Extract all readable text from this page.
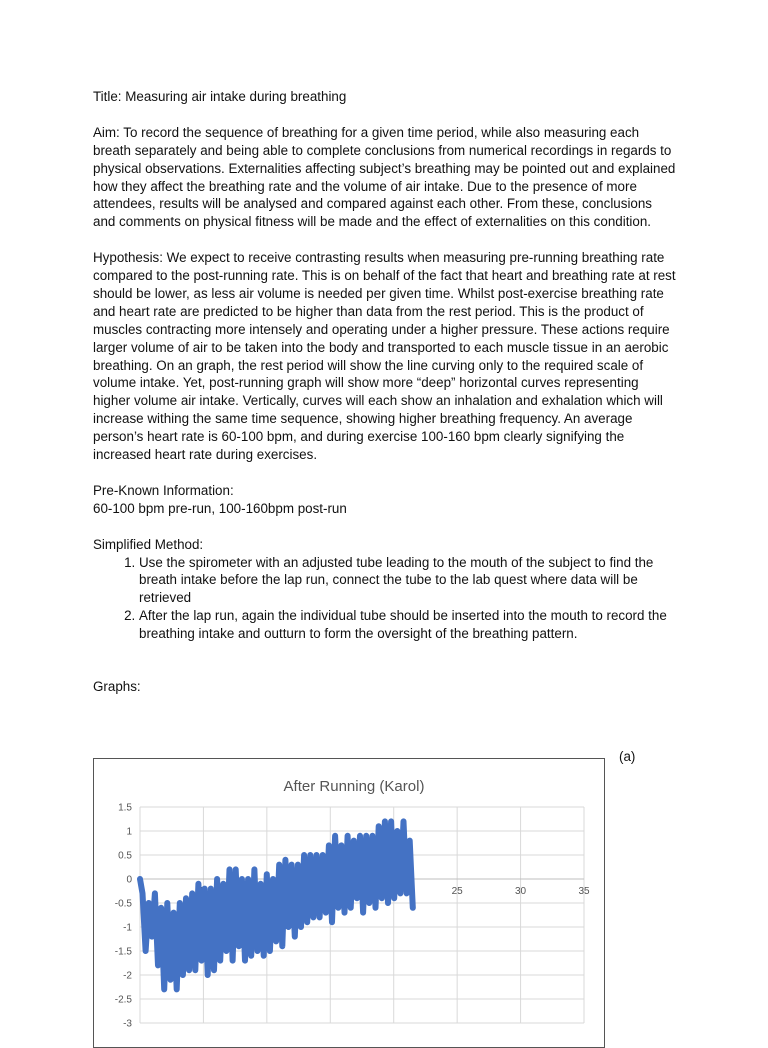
Title: Measuring air intake during breathing

Aim: To record the sequence of breathing for a given time period, while also measuring each breath separately and being able to complete conclusions from numerical recordings in regards to physical observations. Externalities affecting subject’s breathing may be pointed out and explained how they affect the breathing rate and the volume of air intake. Due to the presence of more attendees, results will be analysed and compared against each other. From these, conclusions and comments on physical fitness will be made and the effect of externalities on this condition.

Hypothesis: We expect to receive contrasting results when measuring pre-running breathing rate compared to the post-running rate. This is on behalf of the fact that heart and breathing rate at rest should be lower, as less air volume is needed per given time. Whilst post-exercise breathing rate and heart rate are predicted to be higher than data from the rest period. This is the product of muscles contracting more intensely and operating under a higher pressure. These actions require larger volume of air to be taken into the body and transported to each muscle tissue in an aerobic breathing. On an graph, the rest period will show the line curving only to the required scale of volume intake. Yet, post-running graph will show more “deep” horizontal curves representing higher volume air intake. Vertically, curves will each show an inhalation and exhalation which will increase withing the same time sequence, showing higher breathing frequency. An average person’s heart rate is 60-100 bpm, and during exercise 100-160 bpm clearly signifying the increased heart rate during exercises.

Pre-Known Information:

60-100 bpm pre-run, 100-160bpm post-run

Simplified Method:

1. Use the spirometer with an adjusted tube leading to the mouth of the subject to find the breath intake before the lap run, connect the tube to the lab quest where data will be retrieved
2. After the lap run, again the individual tube should be inserted into the mouth to record the breathing intake and outturn to form the oversight of the breathing pattern.

Graphs:

(a)
After Running (Karol)
1.5
1
0.5
0
-0.5
-1
-1.5
-2
-2.5
-3
5	10	15	20	25	30	35
